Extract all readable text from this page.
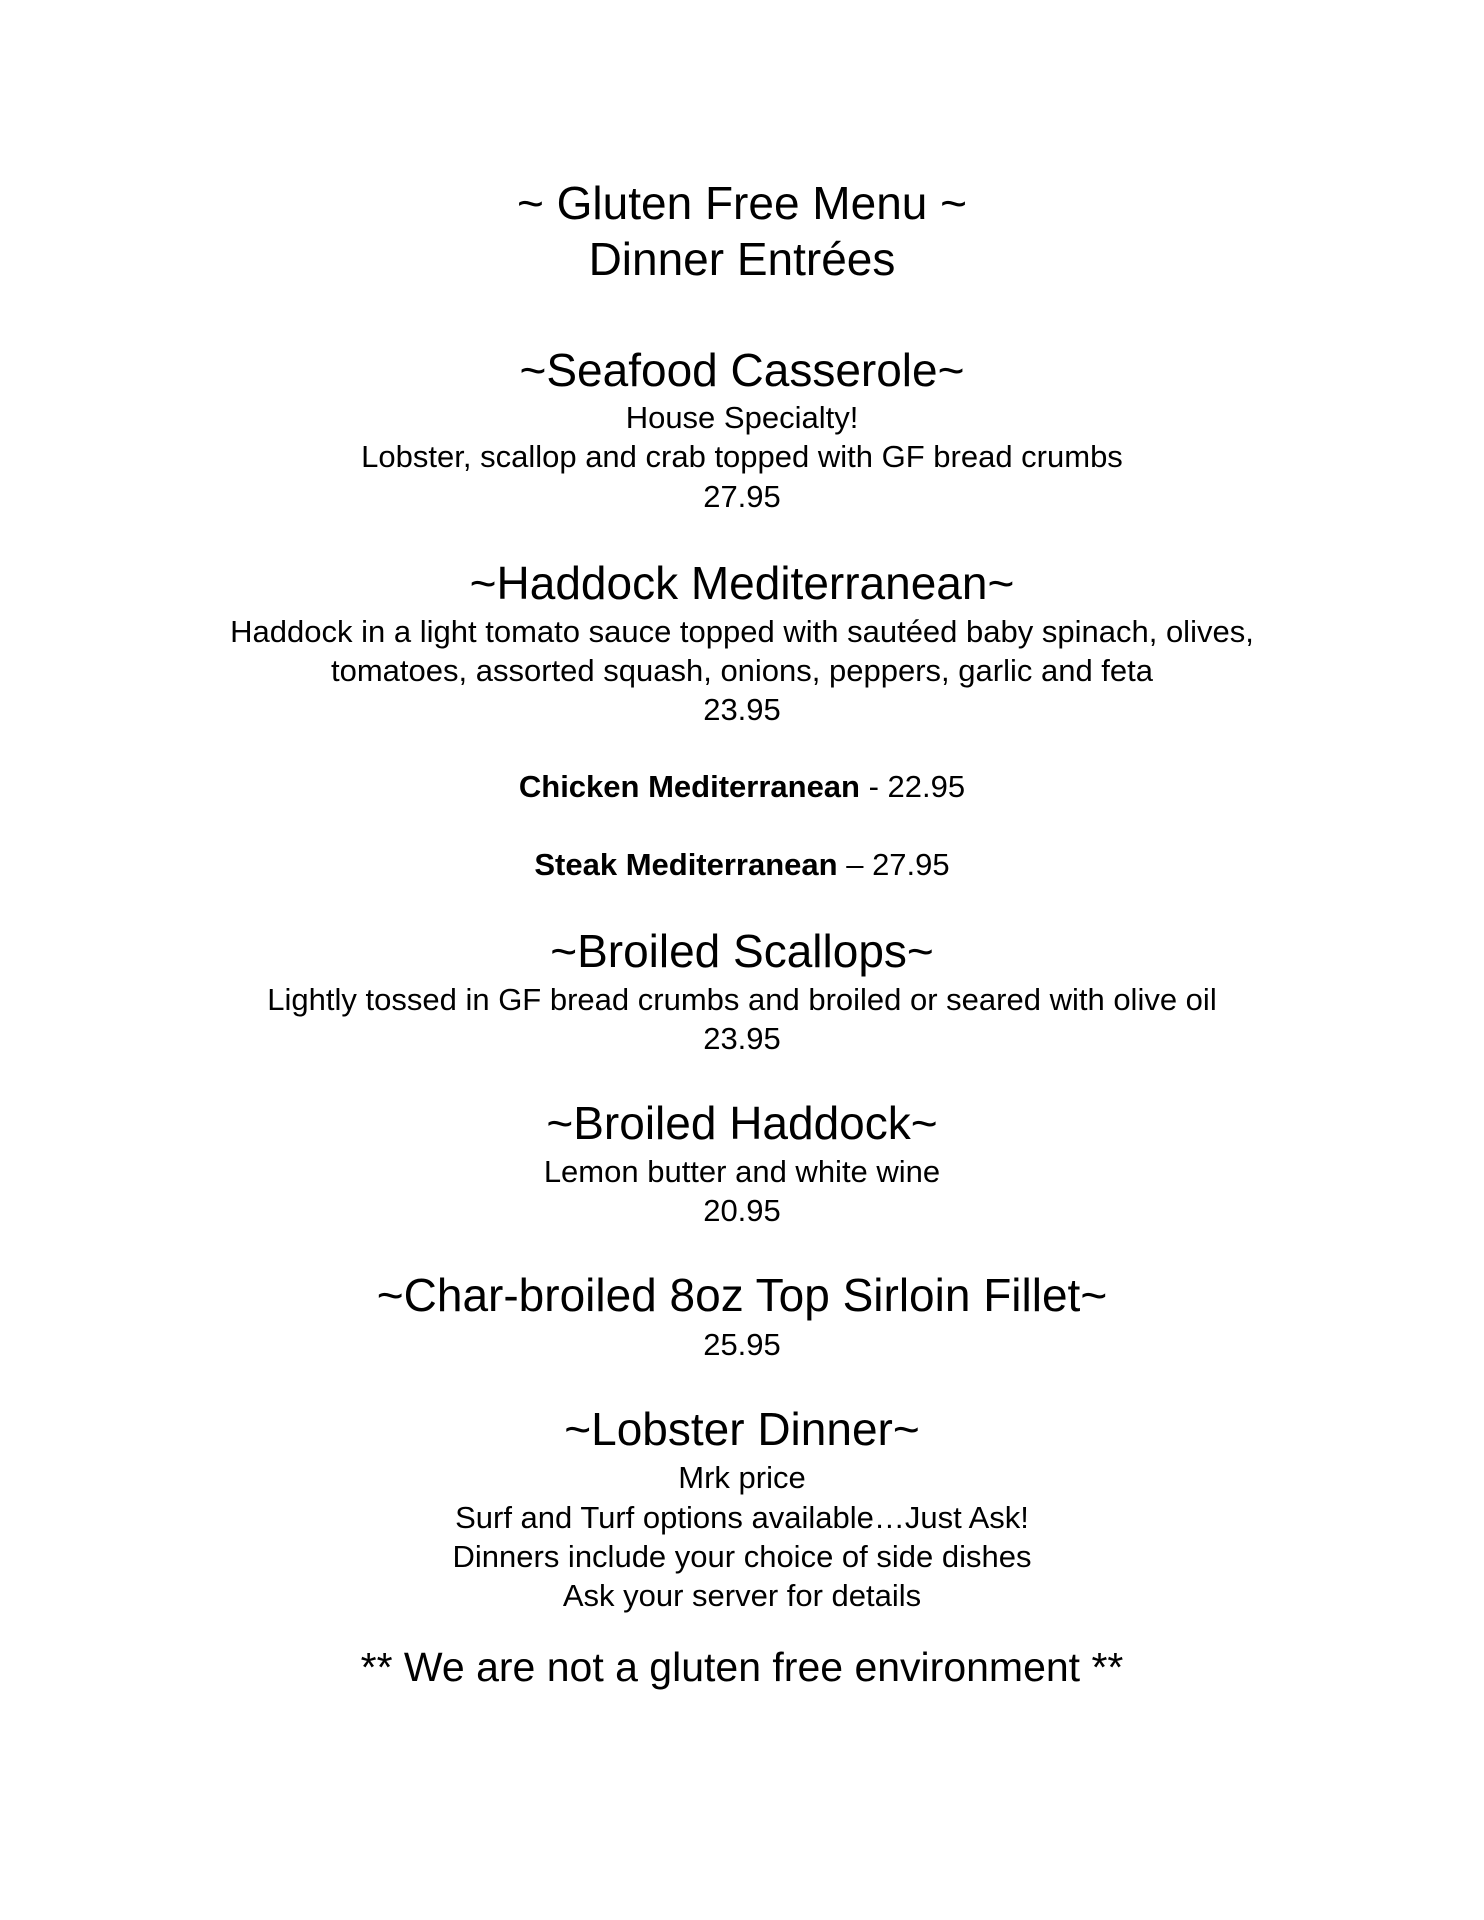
~ Gluten Free Menu ~
Dinner Entrées
~Seafood Casserole~
House Specialty!
Lobster, scallop and crab topped with GF bread crumbs
27.95
~Haddock Mediterranean~
Haddock in a light tomato sauce topped with sautéed baby spinach, olives,
tomatoes, assorted squash, onions, peppers, garlic and feta
23.95
Chicken Mediterranean - 22.95
Steak Mediterranean – 27.95
~Broiled Scallops~
Lightly tossed in GF bread crumbs and broiled or seared with olive oil
23.95
~Broiled Haddock~
Lemon butter and white wine
20.95
~Char-broiled 8oz Top Sirloin Fillet~
25.95
~Lobster Dinner~
Mrk price
Surf and Turf options available…Just Ask!
Dinners include your choice of side dishes
Ask your server for details
** We are not a gluten free environment **
